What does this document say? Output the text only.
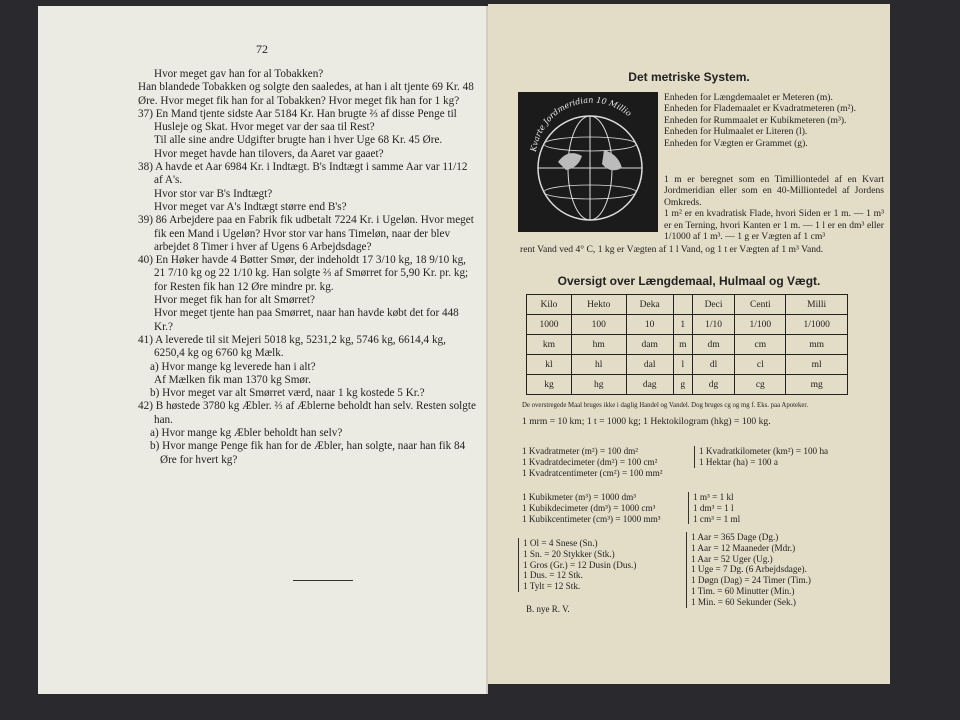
72

Hvor meget gav han for al Tobakken?

Han blandede Tobakken og solgte den saaledes, at han i alt tjente 69 Kr. 48 Øre. Hvor meget fik han for al Tobakken? Hvor meget fik han for 1 kg?

37) En Mand tjente sidste Aar 5184 Kr. Han brugte ⅔ af disse Penge til Husleje og Skat. Hvor meget var der saa til Rest?

Til alle sine andre Udgifter brugte han i hver Uge 68 Kr. 45 Øre.

Hvor meget havde han tilovers, da Aaret var gaaet?

38) A havde et Aar 6984 Kr. i Indtægt. B's Indtægt i samme Aar var 11/12 af A's.

Hvor stor var B's Indtægt?

Hvor meget var A's Indtægt større end B's?

39) 86 Arbejdere paa en Fabrik fik udbetalt 7224 Kr. i Ugeløn. Hvor meget fik een Mand i Ugeløn? Hvor stor var hans Timeløn, naar der blev arbejdet 8 Timer i hver af Ugens 6 Arbejdsdage?

40) En Høker havde 4 Bøtter Smør, der indeholdt 17 3/10 kg, 18 9/10 kg, 21 7/10 kg og 22 1/10 kg. Han solgte ⅔ af Smørret for 5,90 Kr. pr. kg; for Resten fik han 12 Øre mindre pr. kg.

Hvor meget fik han for alt Smørret?

Hvor meget tjente han paa Smørret, naar han havde købt det for 448 Kr.?

41) A leverede til sit Mejeri 5018 kg, 5231,2 kg, 5746 kg, 6614,4 kg, 6250,4 kg og 6760 kg Mælk.

a) Hvor mange kg leverede han i alt?

Af Mælken fik man 1370 kg Smør.

b) Hvor meget var alt Smørret værd, naar 1 kg kostede 5 Kr.?

42) B høstede 3780 kg Æbler. ⅔ af Æblerne beholdt han selv. Resten solgte han.

a) Hvor mange kg Æbler beholdt han selv?

b) Hvor mange Penge fik han for de Æbler, han solgte, naar han fik 84 Øre for hvert kg?

Det metriske System.
Kvarte Jordmeridian 10 Millio

Enheden for Længdemaalet er Meteren (m).

Enheden for Flademaalet er Kvadratmeteren (m²).

Enheden for Rummaalet er Kubikmeteren (m³).

Enheden for Hulmaalet er Literen (l).

Enheden for Vægten er Grammet (g).

1 m er beregnet som en Timilliontedel af en Kvart Jordmeridian eller som en 40-Milliontedel af Jordens Omkreds.

1 m² er en kvadratisk Flade, hvori Siden er 1 m. — 1 m³ er en Terning, hvori Kanten er 1 m. — 1 l er en dm³ eller 1/1000 af 1 m³. — 1 g er Vægten af 1 cm³

rent Vand ved 4° C, 1 kg er Vægten af 1 l Vand, og 1 t er Vægten af 1 m³ Vand.

Oversigt over Længdemaal, Hulmaal og Vægt.
Kilo	Hekto	Deka		Deci	Centi	Milli
1000	100	10	1	1/10	1/100	1/1000
km	hm	dam	m	dm	cm	mm
kl	hl	dal	l	dl	cl	ml
kg	hg	dag	g	dg	cg	mg
De overstregede Maal bruges ikke i daglig Handel og Vandel. Dog bruges cg og mg f. Eks. paa Apoteker.
1 mrm = 10 km; 1 t = 1000 kg; 1 Hektokilogram (hkg) = 100 kg.

1 Kvadratmeter (m²) = 100 dm²

1 Kvadratdecimeter (dm²) = 100 cm²

1 Kvadratcentimeter (cm²) = 100 mm²

1 Kvadratkilometer (km²) = 100 ha

1 Hektar (ha) = 100 a

1 Kubikmeter (m³) = 1000 dm³

1 Kubikdecimeter (dm³) = 1000 cm³

1 Kubikcentimeter (cm³) = 1000 mm³

1 m³ = 1 kl

1 dm³ = 1 l

1 cm³ = 1 ml

1 Ol = 4 Snese (Sn.)

1 Sn. = 20 Stykker (Stk.)

1 Gros (Gr.) = 12 Dusin (Dus.)

1 Dus. = 12 Stk.

1 Tylt = 12 Stk.

1 Aar = 365 Dage (Dg.)

1 Aar = 12 Maaneder (Mdr.)

1 Aar = 52 Uger (Ug.)

1 Uge = 7 Dg. (6 Arbejdsdage).

1 Døgn (Dag) = 24 Timer (Tim.)

1 Tim. = 60 Minutter (Min.)

1 Min. = 60 Sekunder (Sek.)

B. nye R. V.
